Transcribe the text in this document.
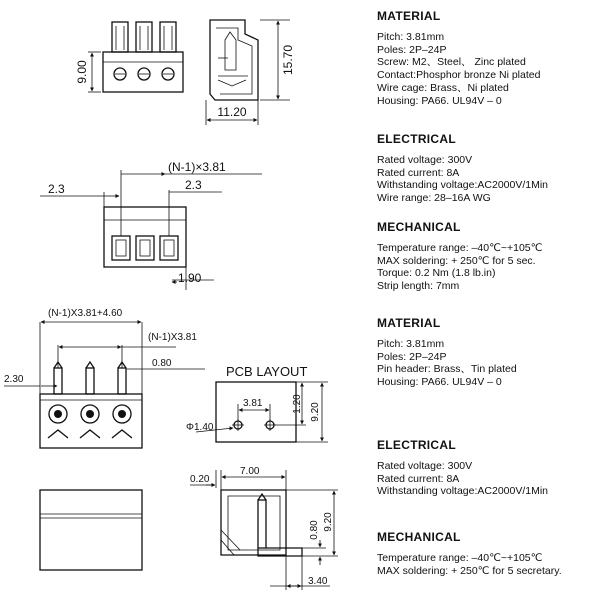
9.00	15.70
11.20
(N-1)×3.81
2.3	2.3
1.90
(N-1)X3.81+4.60
(N-1)X3.81
0.80
2.30
PCB LAYOUT
3.81
Φ1.40
1.20 9.20
0.20
7.00
3.40
0.80 9.20
MATERIAL
Pitch: 3.81mm
Poles: 2P–24P
Screw: M2、Steel、 Zinc plated
Contact:Phosphor bronze Ni plated
Wire cage: Brass、Ni plated
Housing: PA66. UL94V – 0
ELECTRICAL
Rated voltage: 300V
Rated current: 8A
Withstanding voltage:AC2000V/1Min
Wire range: 28–16A WG
MECHANICAL
Temperature range: –40℃~+105℃
MAX soldering: + 250℃ for 5 sec.
Torque: 0.2 Nm (1.8 lb.in)
Strip length: 7mm
MATERIAL
Pitch: 3.81mm
Poles: 2P–24P
Pin header: Brass、Tin plated
Housing: PA66. UL94V – 0
ELECTRICAL
Rated voltage: 300V
Rated current: 8A
Withstanding voltage:AC2000V/1Min
MECHANICAL
Temperature range: –40℃~+105℃
MAX soldering: + 250℃ for 5 secretary.
